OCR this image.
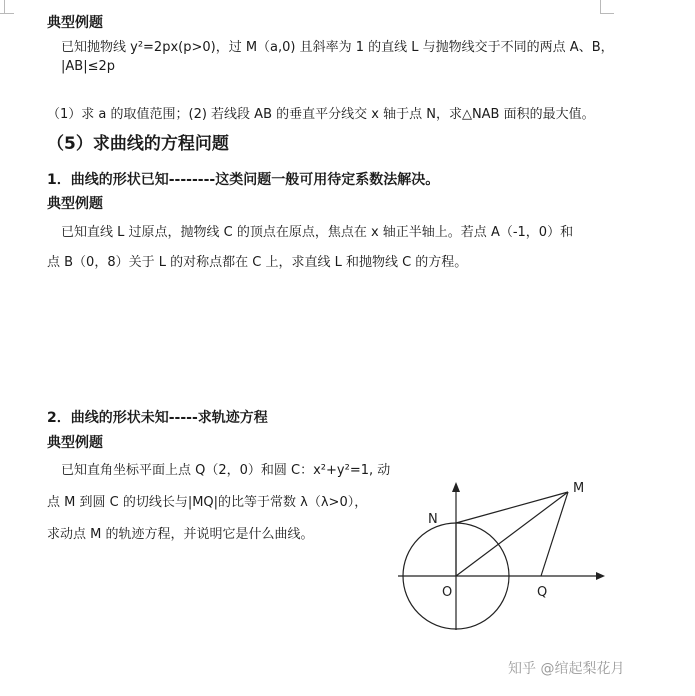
典型例题
已知抛物线 y²=2px(p>0)，过 M（a,0) 且斜率为 1 的直线 L 与抛物线交于不同的两点 A、B，
|AB|≤2p
（1）求 a 的取值范围；(2) 若线段 AB 的垂直平分线交 x 轴于点 N，求△NAB 面积的最大值。
（5）求曲线的方程问题
1．曲线的形状已知--------这类问题一般可用待定系数法解决。
典型例题
已知直线 L 过原点，抛物线 C 的顶点在原点，焦点在 x 轴正半轴上。若点 A（-1，0）和
点 B（0，8）关于 L 的对称点都在 C 上，求直线 L 和抛物线 C 的方程。
2．曲线的形状未知-----求轨迹方程
典型例题
已知直角坐标平面上点 Q（2，0）和圆 C：x²+y²=1, 动
点 M 到圆 C 的切线长与|MQ|的比等于常数 λ（λ>0），
求动点 M 的轨迹方程，并说明它是什么曲线。
M
N
O	Q
知乎 @绾起梨花月
